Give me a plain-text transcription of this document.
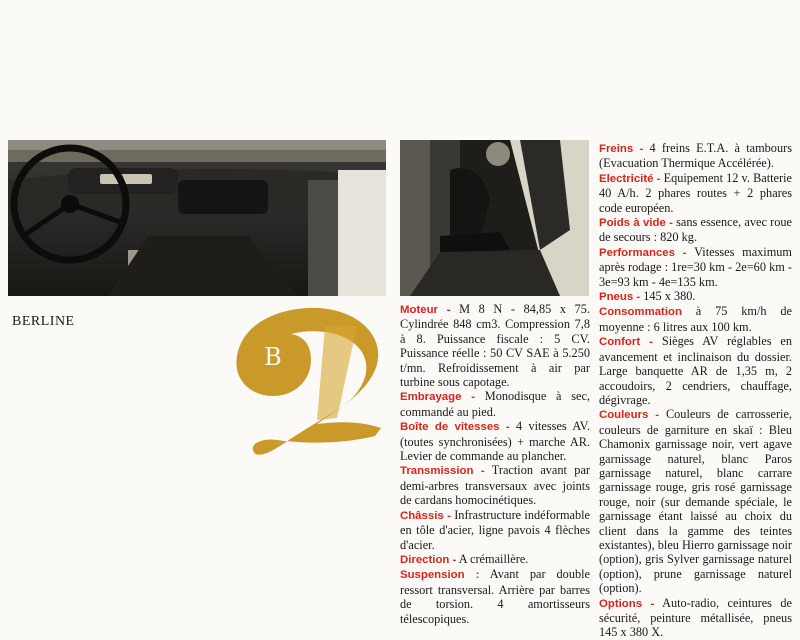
BERLINE
B

Moteur - M 8 N - 84,85 x 75. Cylindrée 848 cm3. Compression 7,8 à 8. Puissance fiscale : 5 CV. Puissance réelle : 50 CV SAE à 5.250 t/mn. Refroidissement à air par turbine sous capotage.

Embrayage - Monodisque à sec, commandé au pied.

Boîte de vitesses - 4 vitesses AV. (toutes synchronisées) + marche AR. Levier de commande au plancher.

Transmission - Traction avant par demi-arbres transversaux avec joints de cardans homocinétiques.

Châssis - Infrastructure indéformable en tôle d'acier, ligne pavois 4 flèches d'acier.

Direction - A crémaillère.

Suspension : Avant par double ressort transversal. Arrière par barres de torsion. 4 amortisseurs télescopiques.

Freins - 4 freins E.T.A. à tambours (Evacuation Thermique Accélérée).

Electricité - Equipement 12 v. Batterie 40 A/h. 2 phares routes + 2 phares code européen.

Poids à vide - sans essence, avec roue de secours : 820 kg.

Performances - Vitesses maximum après rodage : 1re=30 km - 2e=60 km - 3e=93 km - 4e=135 km.

Pneus - 145 x 380.

Consommation à 75 km/h de moyenne : 6 litres aux 100 km.

Confort - Sièges AV réglables en avancement et inclinaison du dossier. Large banquette AR de 1,35 m, 2 accoudoirs, 2 cendriers, chauffage, dégivrage.

Couleurs - Couleurs de carrosserie, couleurs de garniture en skaï : Bleu Chamonix garnissage noir, vert agave garnissage naturel, blanc Paros garnissage naturel, blanc carrare garnissage rouge, gris rosé garnissage rouge, noir (sur demande spéciale, le garnissage étant laissé au choix du client dans la gamme des teintes existantes), bleu Hierro garnissage noir (option), gris Sylver garnissage naturel (option), prune garnissage naturel (option).

Options - Auto-radio, ceintures de sécurité, peinture métallisée, pneus 145 x 380 X.
